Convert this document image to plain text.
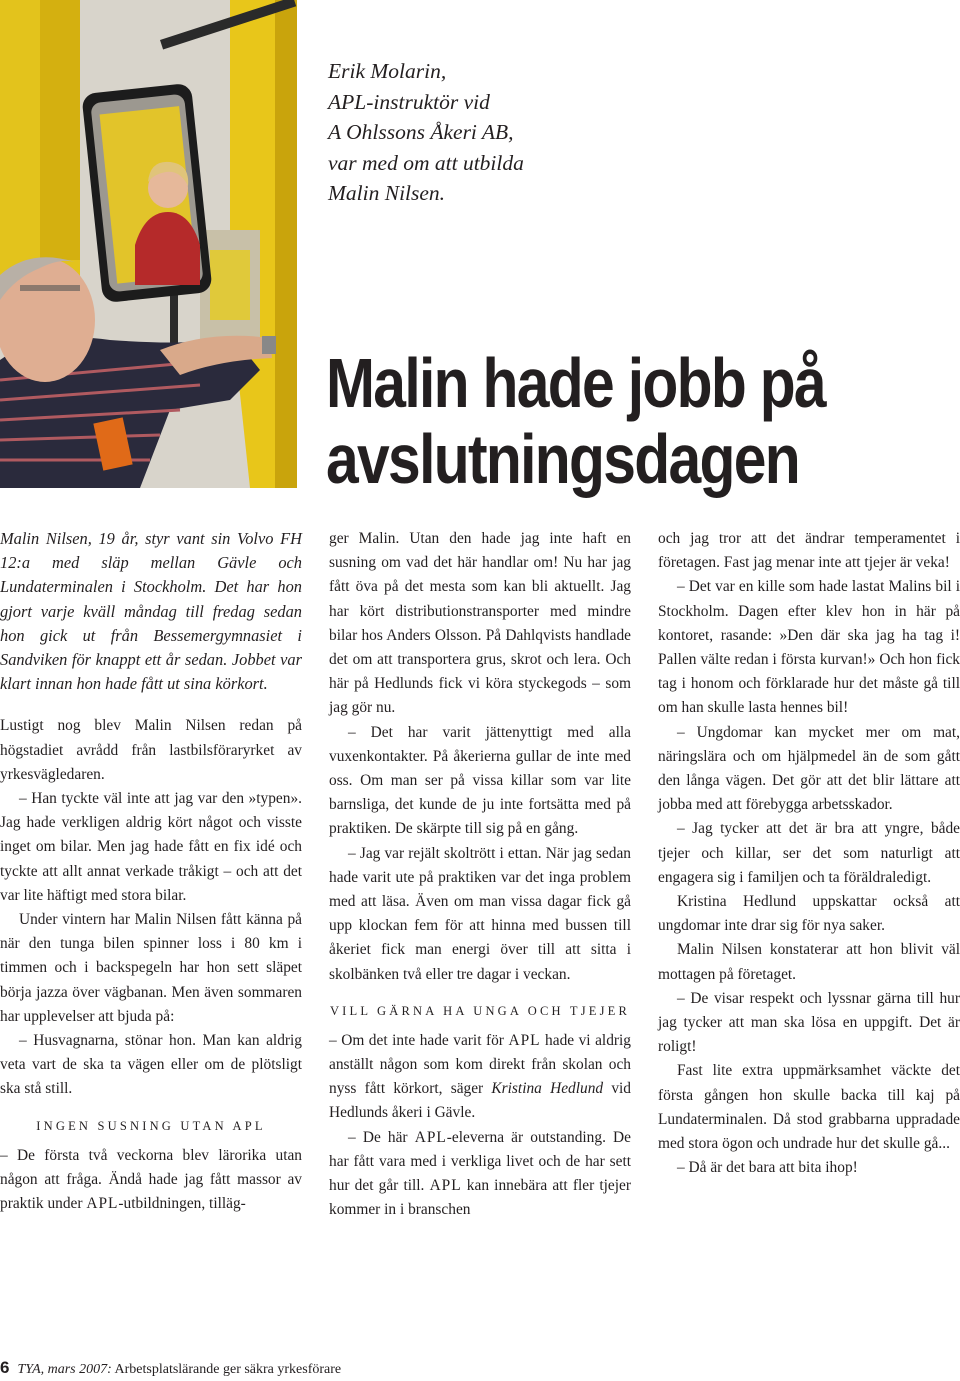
Erik Molarin,
APL-instruktör vid
A Ohlssons Åkeri AB,
var med om att utbilda
Malin Nilsen.
Malin hade jobb på
avslutningsdagen

Malin Nilsen, 19 år, styr vant sin Volvo FH 12:a med släp mellan Gävle och Lundaterminalen i Stockholm. Det har hon gjort varje kväll måndag till fredag sedan hon gick ut från Bessemergymnasiet i Sandviken för knappt ett år sedan. Jobbet var klart innan hon hade fått ut sina körkort.

Lustigt nog blev Malin Nilsen redan på högstadiet avrådd från lastbilsföraryrket av yrkesvägledaren.

– Han tyckte väl inte att jag var den »typen». Jag hade verkligen aldrig kört något och visste inget om bilar. Men jag hade fått en fix idé och tyckte att allt annat verkade tråkigt – och att det var lite häftigt med stora bilar.

Under vintern har Malin Nilsen fått känna på när den tunga bilen spinner loss i 80 km i timmen och i backspegeln har hon sett släpet börja jazza över vägbanan. Men även sommaren har upplevelser att bjuda på:

– Husvagnarna, stönar hon. Man kan aldrig veta vart de ska ta vägen eller om de plötsligt ska stå still.

INGEN SUSNING UTAN APL

– De första två veckorna blev lärorika utan någon att fråga. Ändå hade jag fått massor av praktik under APL-utbildningen, tilläg-

ger Malin. Utan den hade jag inte haft en susning om vad det här handlar om! Nu har jag fått öva på det mesta som kan bli aktuellt. Jag har kört distributionstransporter med mindre bilar hos Anders Olsson. På Dahlqvists handlade det om att transportera grus, skrot och lera. Och här på Hedlunds fick vi köra styckegods – som jag gör nu.

– Det har varit jättenyttigt med alla vuxenkontakter. På åkerierna gullar de inte med oss. Om man ser på vissa killar som var lite barnsliga, det kunde de ju inte fortsätta med på praktiken. De skärpte till sig på en gång.

– Jag var rejält skoltrött i ettan. När jag sedan hade varit ute på praktiken var det inga problem med att läsa. Även om man vissa dagar fick gå upp klockan fem för att hinna med bussen till åkeriet fick man energi över till att sitta i skolbänken två eller tre dagar i veckan.

VILL GÄRNA HA UNGA OCH TJEJER

– Om det inte hade varit för APL hade vi aldrig anställt någon som kom direkt från skolan och nyss fått körkort, säger Kristina Hedlund vid Hedlunds åkeri i Gävle.

– De här APL-eleverna är outstanding. De har fått vara med i verkliga livet och de har sett hur det går till. APL kan innebära att fler tjejer kommer in i branschen

och jag tror att det ändrar temperamentet i företagen. Fast jag menar inte att tjejer är veka!

– Det var en kille som hade lastat Malins bil i Stockholm. Dagen efter klev hon in här på kontoret, rasande: »Den där ska jag ha tag i! Pallen välte redan i första kurvan!» Och hon fick tag i honom och förklarade hur det måste gå till om han skulle lasta hennes bil!

– Ungdomar kan mycket mer om mat, näringslära och om hjälpmedel än de som gått den långa vägen. Det gör att det blir lättare att jobba med att förebygga arbetsskador.

– Jag tycker att det är bra att yngre, både tjejer och killar, ser det som naturligt att engagera sig i familjen och ta föräldraledigt.

Kristina Hedlund uppskattar också att ungdomar inte drar sig för nya saker.

Malin Nilsen konstaterar att hon blivit väl mottagen på företaget.

– De visar respekt och lyssnar gärna till hur jag tycker att man ska lösa en uppgift. Det är roligt!

Fast lite extra uppmärksamhet väckte det första gången hon skulle backa till kaj på Lundaterminalen. Då stod grabbarna uppradade med stora ögon och undrade hur det skulle gå...

– Då är det bara att bita ihop!

6 TYA, mars 2007: Arbetsplatslärande ger säkra yrkesförare
